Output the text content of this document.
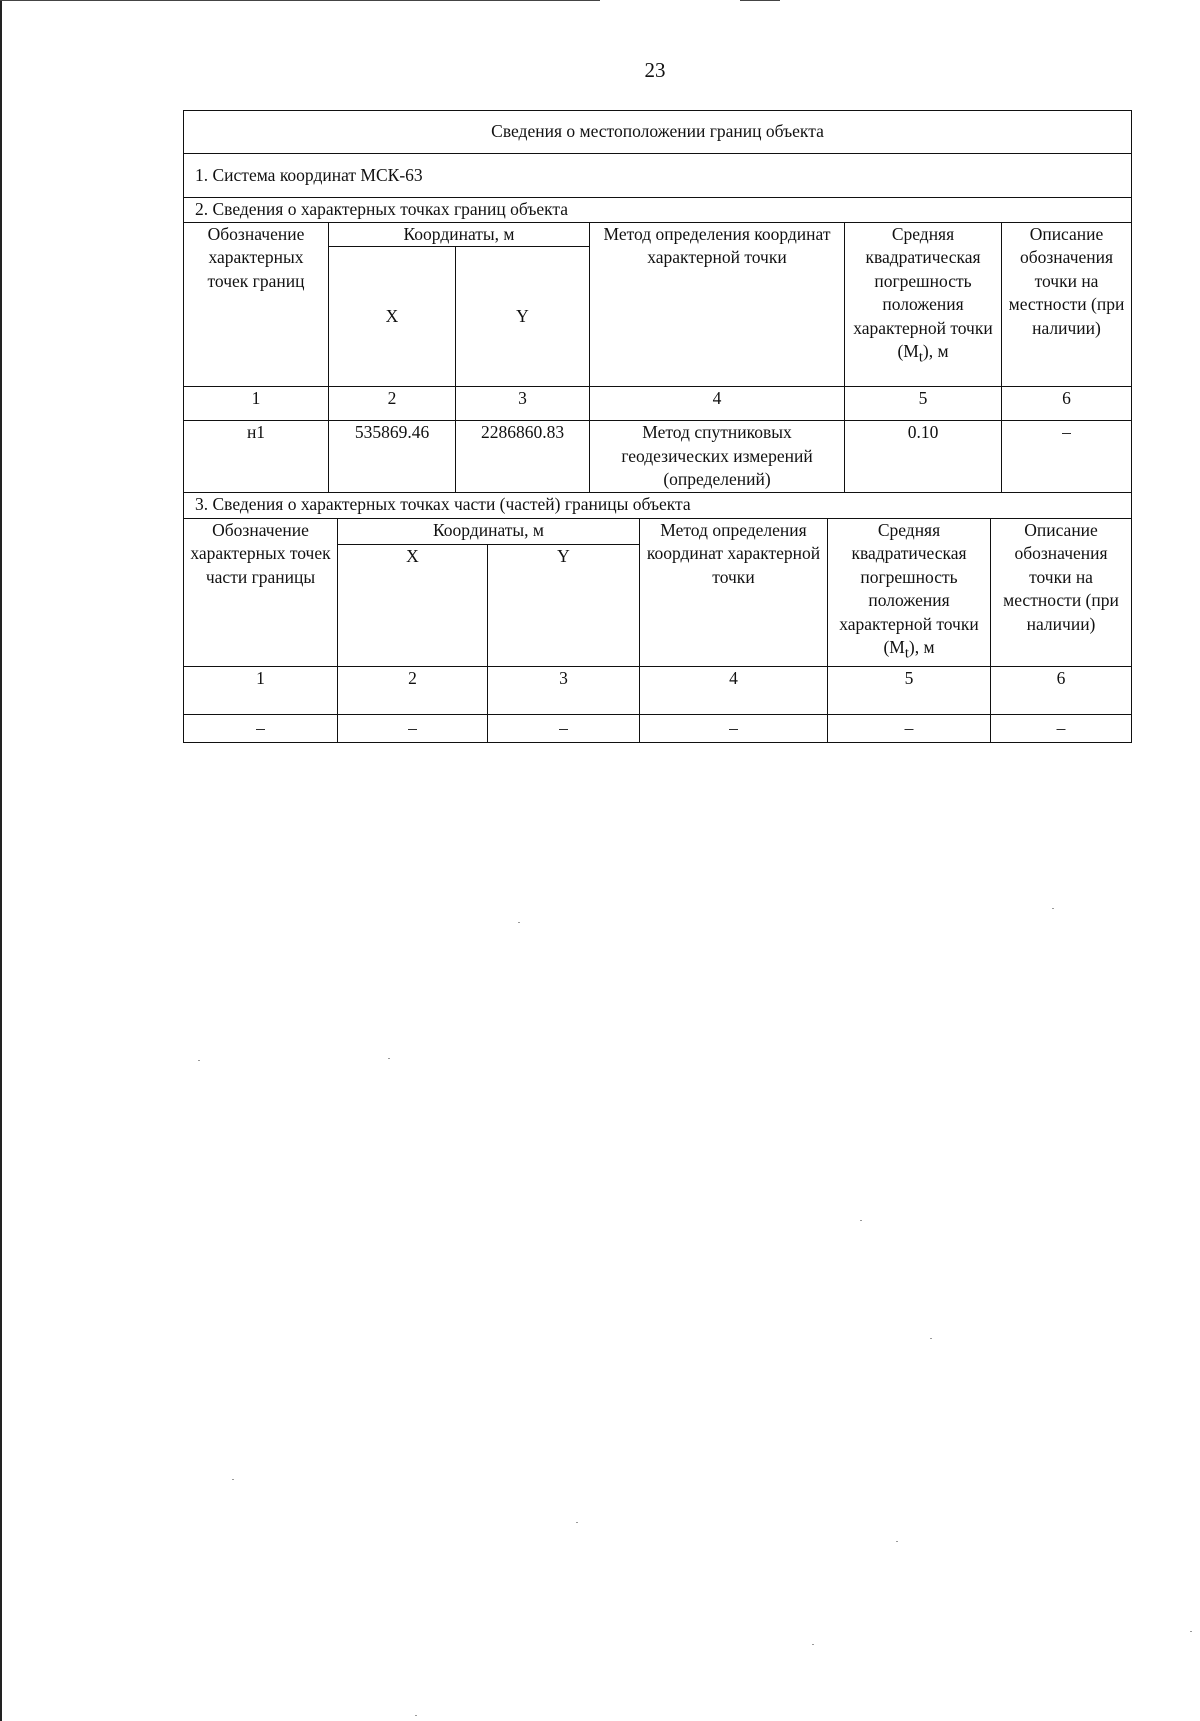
23
Сведения о местоположении границ объекта					
1. Система координат МСК-63					
2. Сведения о характерных точках границ объекта					
Обозначение характерных точек границ	Координаты, м		Метод определения координат характерной точки	Средняя квадратическая погрешность положения характерной точки $(M_t)$, м	Описание обозначения точки на местности (при наличии)
	X	Y			
1	2	3	4	5	6
н1	535869.46	2286860.83	Метод спутниковых геодезических измерений (определений)	0.10	–
3. Сведения о характерных точках части (частей) границы объекта					
Обозначение характерных точек части границы	Координаты, м		Метод определения координат характерной точки	Средняя квадратическая погрешность положения характерной точки $(M_t)$, м	Описание обозначения точки на местности (при наличии)
	X	Y			
1	2	3	4	5	6
–	–	–	–	–	–
